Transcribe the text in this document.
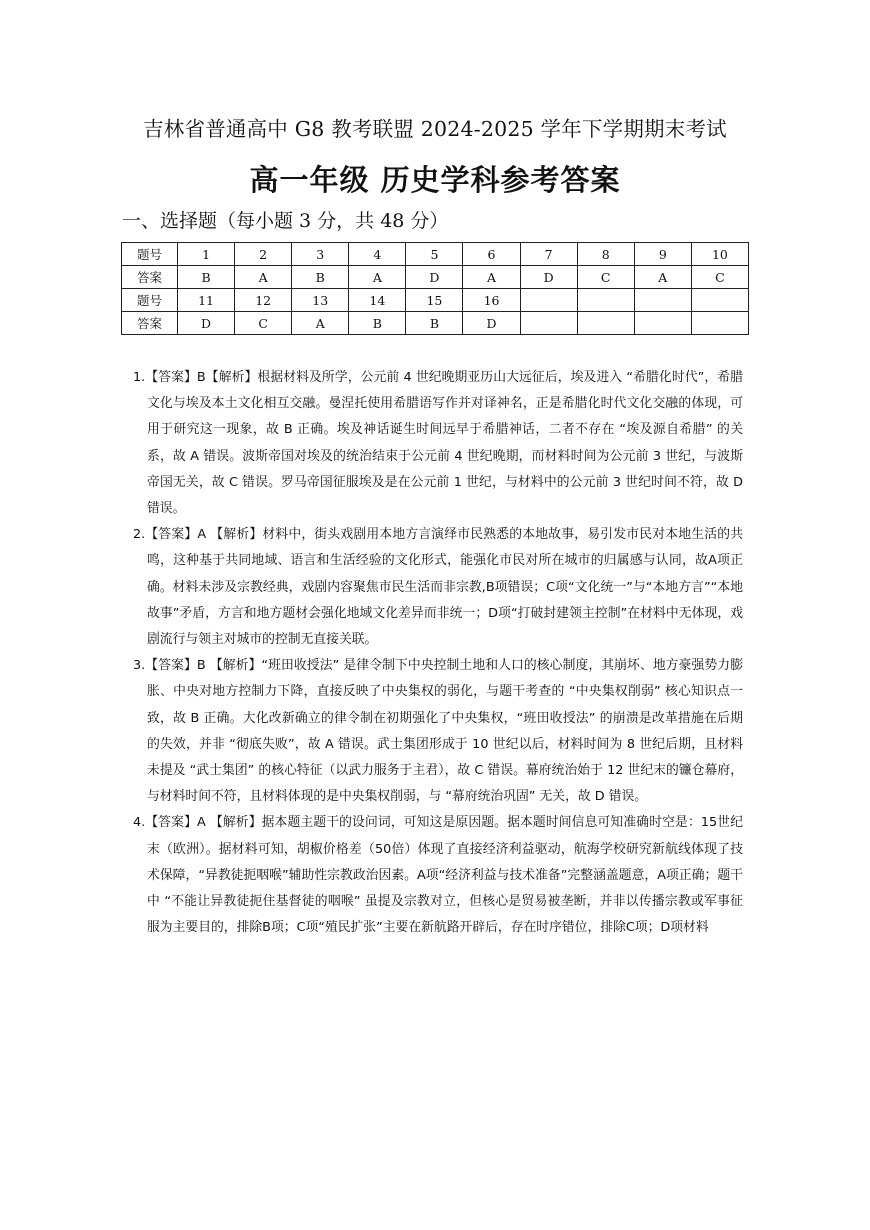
吉林省普通高中 G8 教考联盟 2024-2025 学年下学期期末考试
高一年级 历史学科参考答案
一、选择题（每小题 3 分，共 48 分）
题号	1	2	3	4	5	6	7	8	9	10
答案	B	A	B	A	D	A	D	C	A	C
题号	11	12	13	14	15	16				
答案	D	C	A	B	B	D				

1.【答案】B【解析】根据材料及所学，公元前 4 世纪晚期亚历山大远征后，埃及进入 “希腊化时代”，希腊文化与埃及本土文化相互交融。曼涅托使用希腊语写作并对译神名，正是希腊化时代文化交融的体现，可用于研究这一现象，故 B 正确。埃及神话诞生时间远早于希腊神话，二者不存在 “埃及源自希腊” 的关系，故 A 错误。波斯帝国对埃及的统治结束于公元前 4 世纪晚期，而材料时间为公元前 3 世纪，与波斯帝国无关，故 C 错误。罗马帝国征服埃及是在公元前 1 世纪，与材料中的公元前 3 世纪时间不符，故 D 错误。

2.【答案】A 【解析】材料中，街头戏剧用本地方言演绎市民熟悉的本地故事，易引发市民对本地生活的共鸣，这种基于共同地域、语言和生活经验的文化形式，能强化市民对所在城市的归属感与认同，故A项正确。材料未涉及宗教经典，戏剧内容聚焦市民生活而非宗教,B项错误；C项“文化统一”与“本地方言”“本地故事”矛盾，方言和地方题材会强化地域文化差异而非统一；D项“打破封建领主控制”在材料中无体现，戏剧流行与领主对城市的控制无直接关联。

3.【答案】B 【解析】“班田收授法” 是律令制下中央控制土地和人口的核心制度，其崩坏、地方豪强势力膨胀、中央对地方控制力下降，直接反映了中央集权的弱化，与题干考查的 “中央集权削弱” 核心知识点一致，故 B 正确。大化改新确立的律令制在初期强化了中央集权，“班田收授法” 的崩溃是改革措施在后期的失效，并非 “彻底失败”，故 A 错误。武士集团形成于 10 世纪以后，材料时间为 8 世纪后期，且材料未提及 “武士集团” 的核心特征（以武力服务于主君），故 C 错误。幕府统治始于 12 世纪末的镰仓幕府，与材料时间不符，且材料体现的是中央集权削弱，与 “幕府统治巩固” 无关，故 D 错误。

4.【答案】A 【解析】据本题主题干的设问词，可知这是原因题。据本题时间信息可知准确时空是：15世纪末（欧洲）。据材料可知，胡椒价格差（50倍）体现了直接经济利益驱动，航海学校研究新航线体现了技术保障，“异教徒扼咽喉”辅助性宗教政治因素。A项“经济利益与技术准备”完整涵盖题意，A项正确；题干中 “不能让异教徒扼住基督徒的咽喉” 虽提及宗教对立，但核心是贸易被垄断，并非以传播宗教或军事征服为主要目的，排除B项；C项“殖民扩张”主要在新航路开辟后，存在时序错位，排除C项；D项材料
